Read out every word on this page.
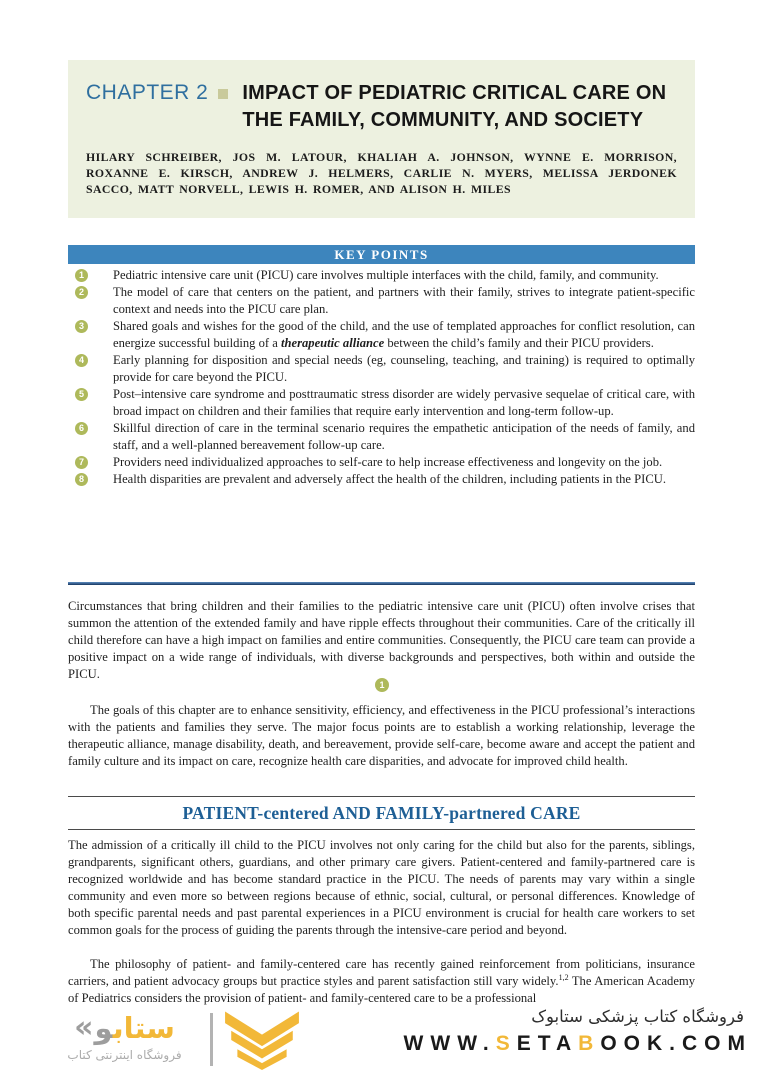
CHAPTER 2 IMPACT OF PEDIATRIC CRITICAL CARE ON THE FAMILY, COMMUNITY, AND SOCIETY
HILARY SCHREIBER, JOS M. LATOUR, KHALIAH A. JOHNSON, WYNNE E. MORRISON, ROXANNE E. KIRSCH, ANDREW J. HELMERS, CARLIE N. MYERS, MELISSA JERDONEK SACCO, MATT NORVELL, LEWIS H. ROMER, AND ALISON H. MILES
KEY POINTS
1	Pediatric intensive care unit (PICU) care involves multiple interfaces with the child, family, and community.

2	The model of care that centers on the patient, and partners with their family, strives to integrate patient-specific context and needs into the PICU care plan.

3	Shared goals and wishes for the good of the child, and the use of templated approaches for conflict resolution, can energize successful building of a therapeutic alliance between the child’s family and their PICU providers.

4	Early planning for disposition and special needs (eg, counseling, teaching, and training) is required to optimally provide for care beyond the PICU.

5	Post–intensive care syndrome and posttraumatic stress disorder are widely pervasive sequelae of critical care, with broad impact on children and their families that require early intervention and long-term follow-up.

6	Skillful direction of care in the terminal scenario requires the empathetic anticipation of the needs of family, and staff, and a well-planned bereavement follow-up care.

7	Providers need individualized approaches to self-care to help increase effectiveness and longevity on the job.

8	Health disparities are prevalent and adversely affect the health of the children, including patients in the PICU.

Circumstances that bring children and their families to the pediatric intensive care unit (PICU) often involve crises that summon the attention of the extended family and have ripple effects throughout their communities. Care of the critically ill child therefore can have a high impact on families and entire communities. Consequently, the PICU care team can provide a positive impact on a wide range of individuals, with diverse backgrounds and perspectives, both within and outside the PICU.

1

The goals of this chapter are to enhance sensitivity, efficiency, and effectiveness in the PICU professional’s interactions with the patients and families they serve. The major focus points are to establish a working relationship, leverage the therapeutic alliance, manage disability, death, and bereavement, provide self-care, become aware and accept the patient and family culture and its impact on care, recognize health care disparities, and advocate for improved child health.

PATIENT-centered AND FAMILY-partnered CARE

The admission of a critically ill child to the PICU involves not only caring for the child but also for the parents, siblings, grandparents, significant others, guardians, and other primary care givers. Patient-centered and family-partnered care is recognized worldwide and has become standard practice in the PICU. The needs of parents may vary within a single community and even more so between regions because of ethnic, social, cultural, or personal differences. Knowledge of both specific parental needs and past parental experiences in a PICU environment is crucial for health care workers to set common goals for the process of guiding the parents through the intensive-care period and beyond.

The philosophy of patient- and family-centered care has recently gained reinforcement from politicians, insurance carriers, and patient advocacy groups but practice styles and parent satisfaction still vary widely.$^{1,2}$ The American Academy of Pediatrics considers the provision of patient- and family-centered care to be a professional

« ستابو
فروشگاه اینترنتی کتاب
فروشگاه کتاب پزشکی ستابوک
WWW.SETABOOK.COM
